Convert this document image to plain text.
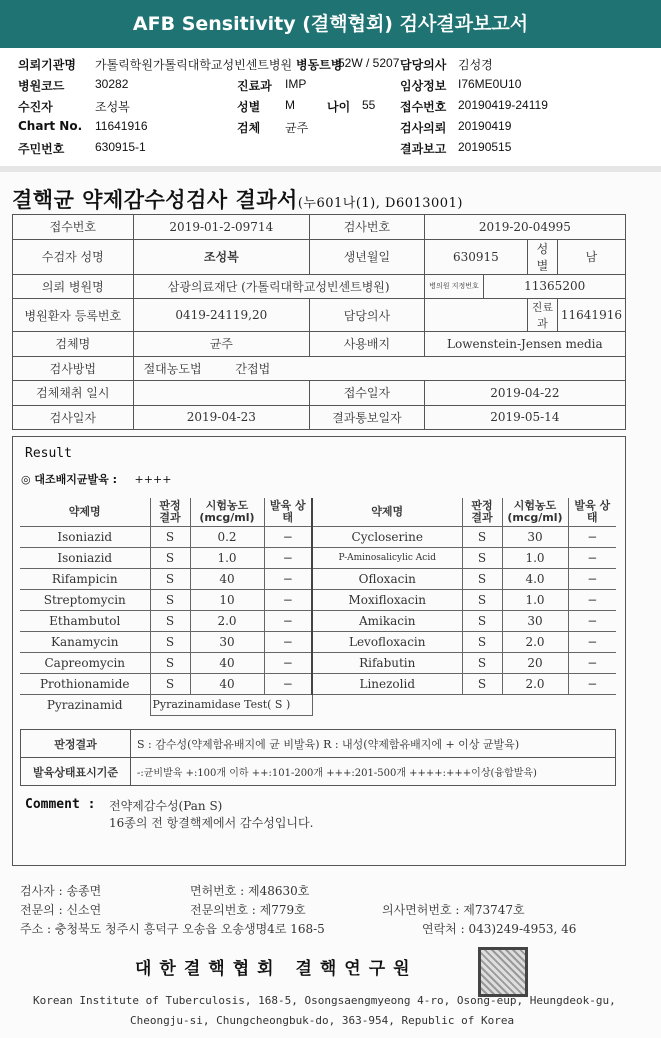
AFB Sensitivity (결핵협회) 검사결과보고서
의뢰기관명 가톨릭학원가톨릭대학교성빈센트병원 병동트병
52W / 5207 담당의사 김성경
병원코드	30282	진료과 IMP	임상정보 I76ME0U10
수진자	조성복	성별 M	나이 55 접수번호 20190419-24119
Chart No. 11641916	검체 균주	검사의뢰 20190419
주민번호	630915-1	결과보고 20190515
결핵균 약제감수성검사 결과서(누601나(1), D6013001)
접수번호	2019-01-2-09714	검사번호	2019-20-04995			
수검자 성명	조성복	생년월일	630915		성별	남
의뢰 병원명	삼광의료재단 (가톨릭대학교성빈센트병원)		병의원 지정번호	11365200		
병원환자 등록번호	0419-24119,20	담당의사			진료과	11641916
검체명	균주	사용배지	Lowenstein-Jensen media			
검사방법	절대농도법 간접법					
검체채취 일시		접수일자	2019-04-22			
검사일자	2019-04-23	결과통보일자	2019-05-14			
Result
◎ 대조배지균발육 : ++++
약제명	판정 결과	시험농도 (mcg/ml)	발육 상태	약제명	판정 결과	시험농도 (mcg/ml)	발육 상태
Isoniazid	S	0.2	−	Cycloserine	S	30	−
Isoniazid	S	1.0	−	P-Aminosalicylic Acid	S	1.0	−
Rifampicin	S	40	−	Ofloxacin	S	4.0	−
Streptomycin	S	10	−	Moxifloxacin	S	1.0	−
Ethambutol	S	2.0	−	Amikacin	S	30	−
Kanamycin	S	30	−	Levofloxacin	S	2.0	−
Capreomycin	S	40	−	Rifabutin	S	20	−
Prothionamide	S	40	−	Linezolid	S	2.0	−
Pyrazinamid	Pyrazinamidase Test( S )						
판정결과	S : 감수성(약제함유배지에 균 비발육) R : 내성(약제함유배지에 + 이상 균발육)
발육상태표시기준	-:균비발육 +:100개 이하 ++:101-200개 +++:201-500개 ++++:+++이상(융합발육)
Comment : 전약제감수성(Pan S)
16종의 전 항결핵제에서 감수성입니다.
검사자 : 송종면	면허번호 : 제48630호
전문의 : 신소연	전문의번호 : 제779호	의사면허번호 : 제73747호
주소 : 충청북도 청주시 흥덕구 오송읍 오송생명4로 168-5	연락처 : 043)249-4953, 46
대한결핵협회 결핵연구원
Korean Institute of Tuberculosis, 168-5, Osongsaengmyeong 4-ro, Osong-eup, Heungdeok-gu,
Cheongju-si, Chungcheongbuk-do, 363-954, Republic of Korea
